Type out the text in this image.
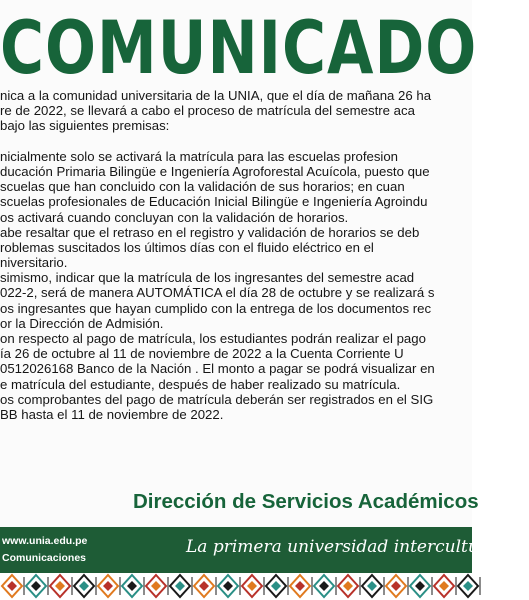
COMUNICADO
nica a la comunidad universitaria de la UNIA, que el día de mañana 26 ha
re de 2022, se llevará a cabo el proceso de matrícula del semestre aca
bajo las siguientes premisas:
nicialmente solo se activará la matrícula para las escuelas profesion
ducación Primaria Bilingüe e Ingeniería Agroforestal Acuícola, puesto que
scuelas que han concluido con la validación de sus horarios; en cuan
scuelas profesionales de Educación Inicial Bilingüe e Ingeniería Agroindu
os activará cuando concluyan con la validación de horarios.
abe resaltar que el retraso en el registro y validación de horarios se deb
roblemas suscitados los últimos días con el fluido eléctrico en el
niversitario.
simismo, indicar que la matrícula de los ingresantes del semestre acad
022-2, será de manera AUTOMÁTICA el día 28 de octubre y se realizará s
os ingresantes que hayan cumplido con la entrega de los documentos rec
or la Dirección de Admisión.
on respecto al pago de matrícula, los estudiantes podrán realizar el pago
ía 26 de octubre al 11 de noviembre de 2022 a la Cuenta Corriente U
0512026168 Banco de la Nación . El monto a pagar se podrá visualizar en
e matrícula del estudiante, después de haber realizado su matrícula.
os comprobantes del pago de matrícula deberán ser registrados en el SIG
BB hasta el 11 de noviembre de 2022.
Dirección de Servicios Académicos
www.unia.edu.pe
Comunicaciones
La primera universidad intercultural de
